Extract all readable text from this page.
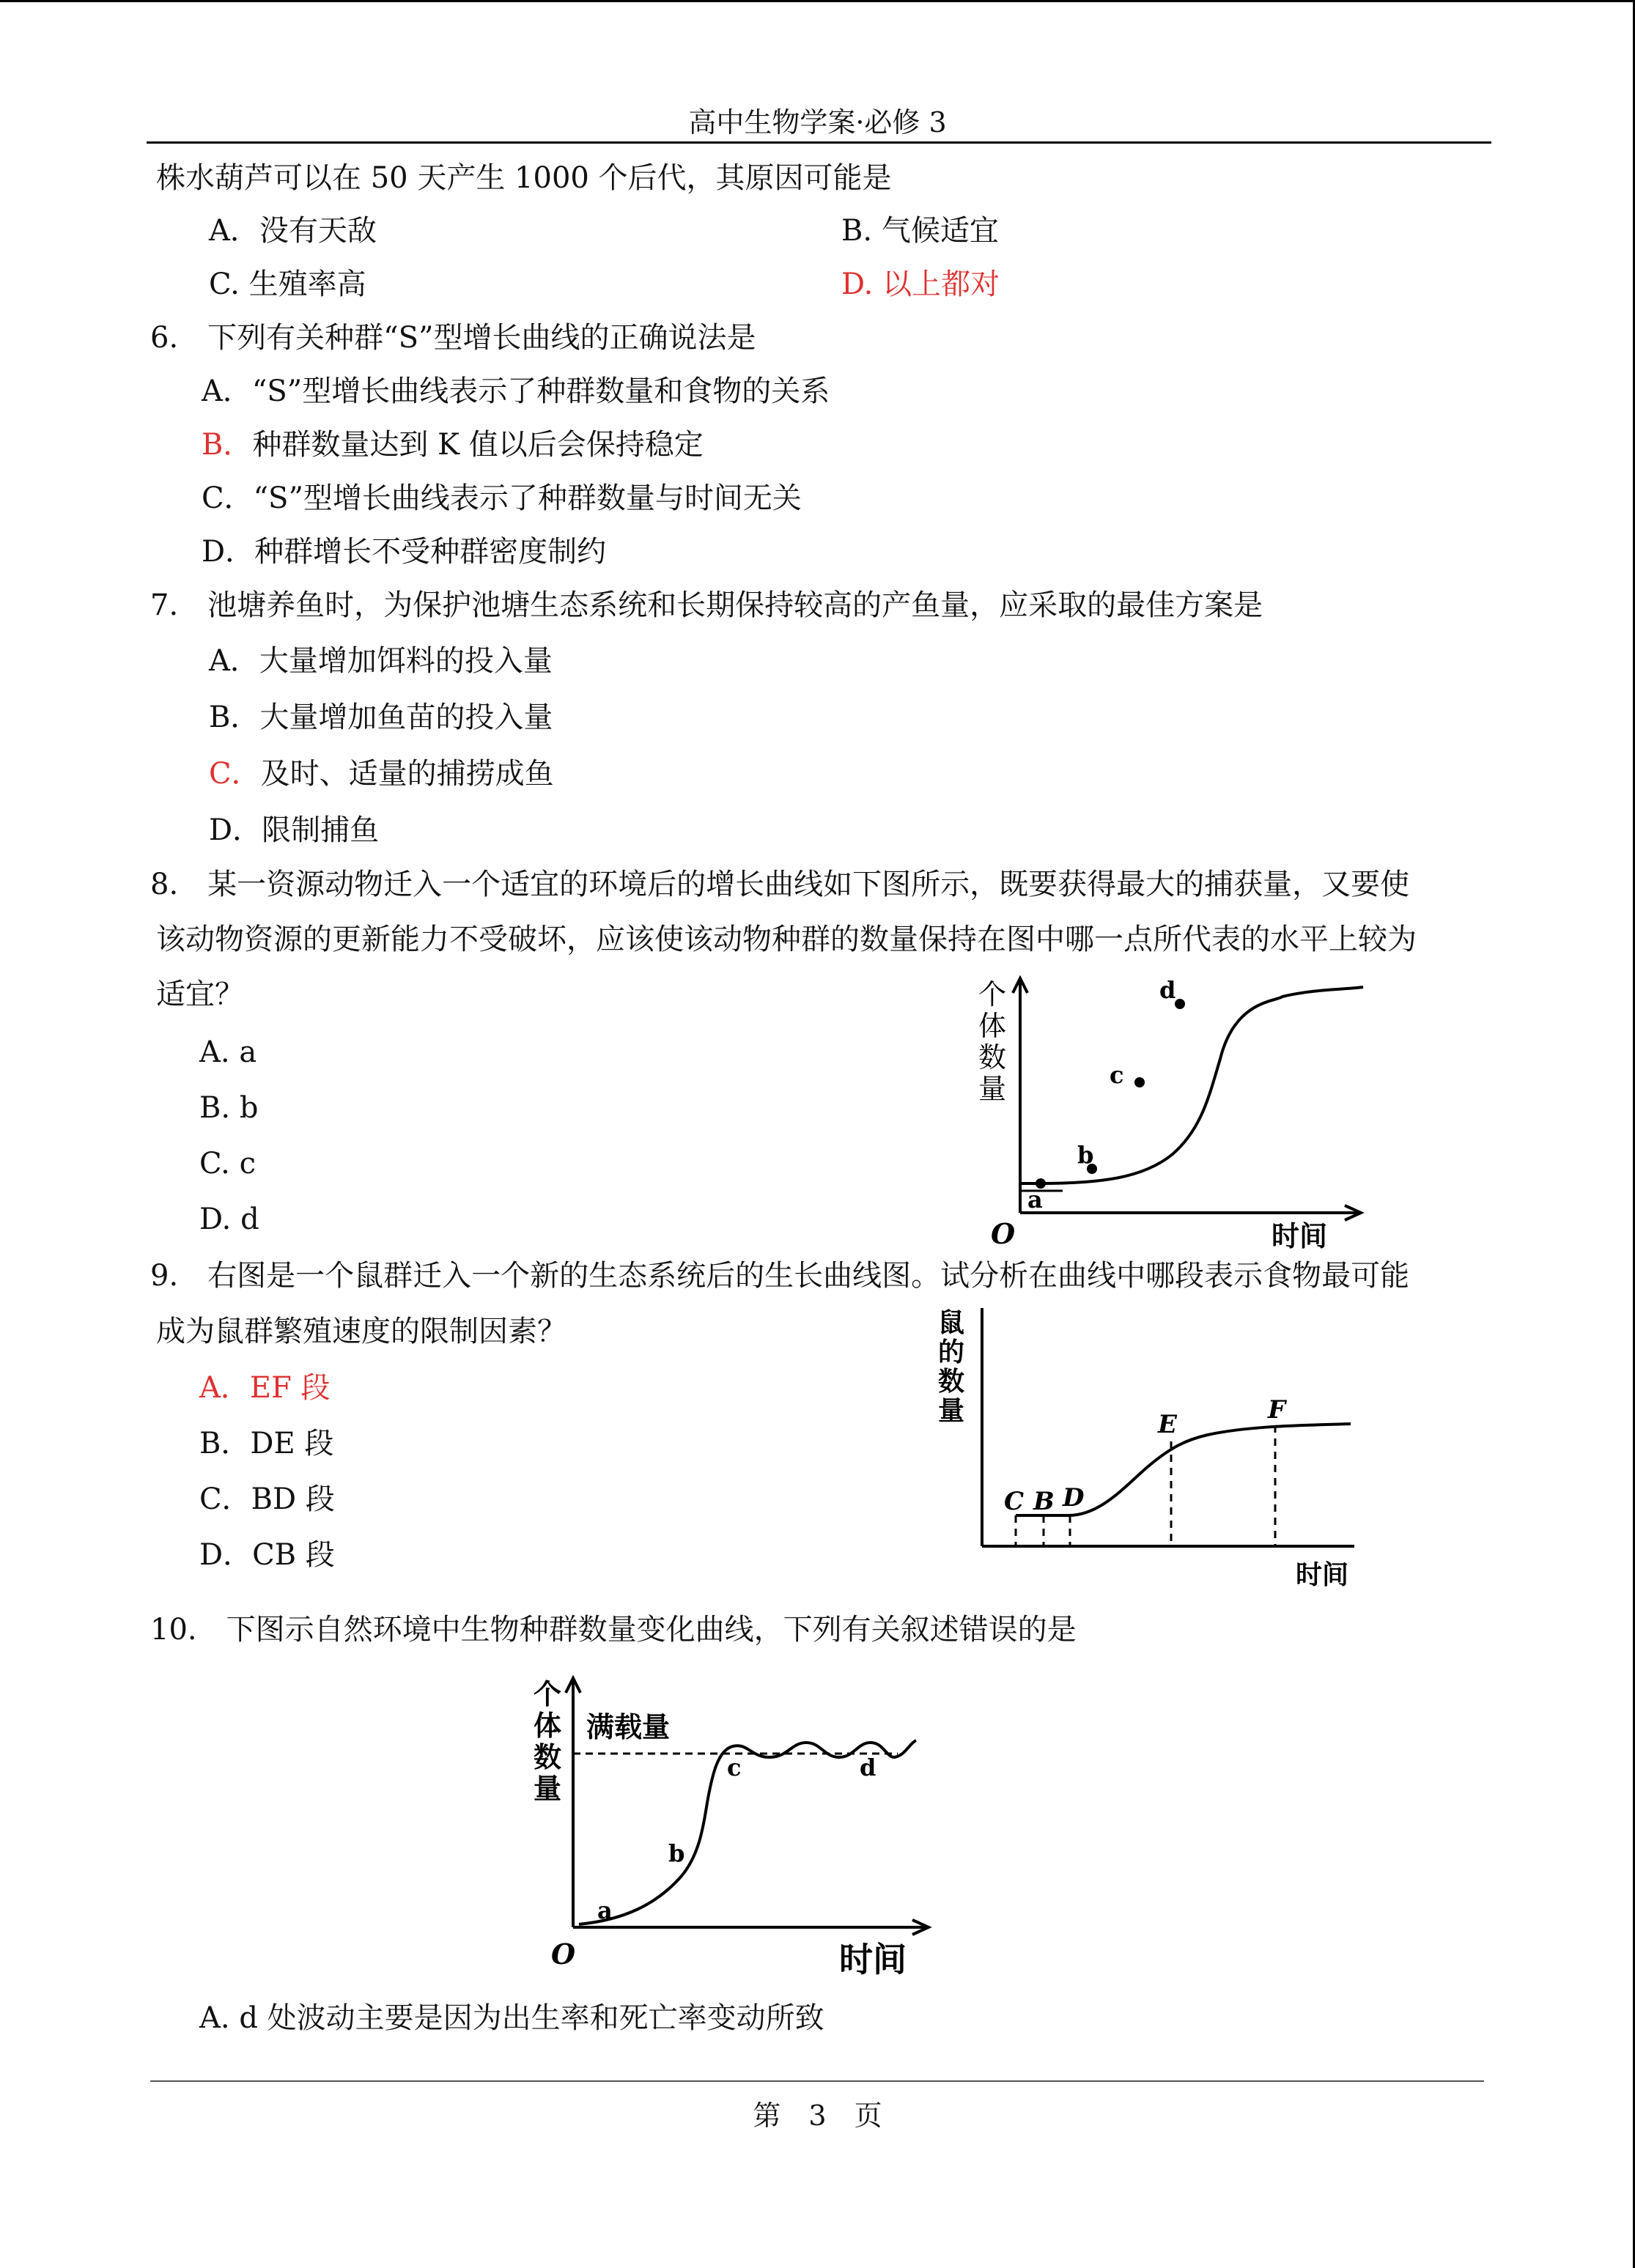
高中生物学案·必修 3
株水葫芦可以在 50 天产生 1000 个后代，其原因可能是
A．没有天敌	B. 气候适宜
C. 生殖率高	D. 以上都对
6.　下列有关种群“S”型增长曲线的正确说法是
A．“S”型增长曲线表示了种群数量和食物的关系
B．种群数量达到 K 值以后会保持稳定
C．“S”型增长曲线表示了种群数量与时间无关
D．种群增长不受种群密度制约
7.　池塘养鱼时，为保护池塘生态系统和长期保持较高的产鱼量，应采取的最佳方案是
A．大量增加饵料的投入量
B．大量增加鱼苗的投入量
C．及时、适量的捕捞成鱼
D．限制捕鱼
8.　某一资源动物迁入一个适宜的环境后的增长曲线如下图所示，既要获得最大的捕获量，又要使
该动物资源的更新能力不受破坏，应该使该动物种群的数量保持在图中哪一点所代表的水平上较为
适宜？
A. a
B. b
C. c
D. d
个
体
数
量
O	时间
a
b
c
d
9.　右图是一个鼠群迁入一个新的生态系统后的生长曲线图。试分析在曲线中哪段表示食物最可能
成为鼠群繁殖速度的限制因素？
A．EF 段
B．DE 段
C．BD 段
D．CB 段
鼠
的
数
量
时间
C B D
E	F
10.　下图示自然环境中生物种群数量变化曲线，下列有关叙述错误的是
个
体
数
量
满载量
O	时间
a
b
c	d
A. d 处波动主要是因为出生率和死亡率变动所致
第　3　页
